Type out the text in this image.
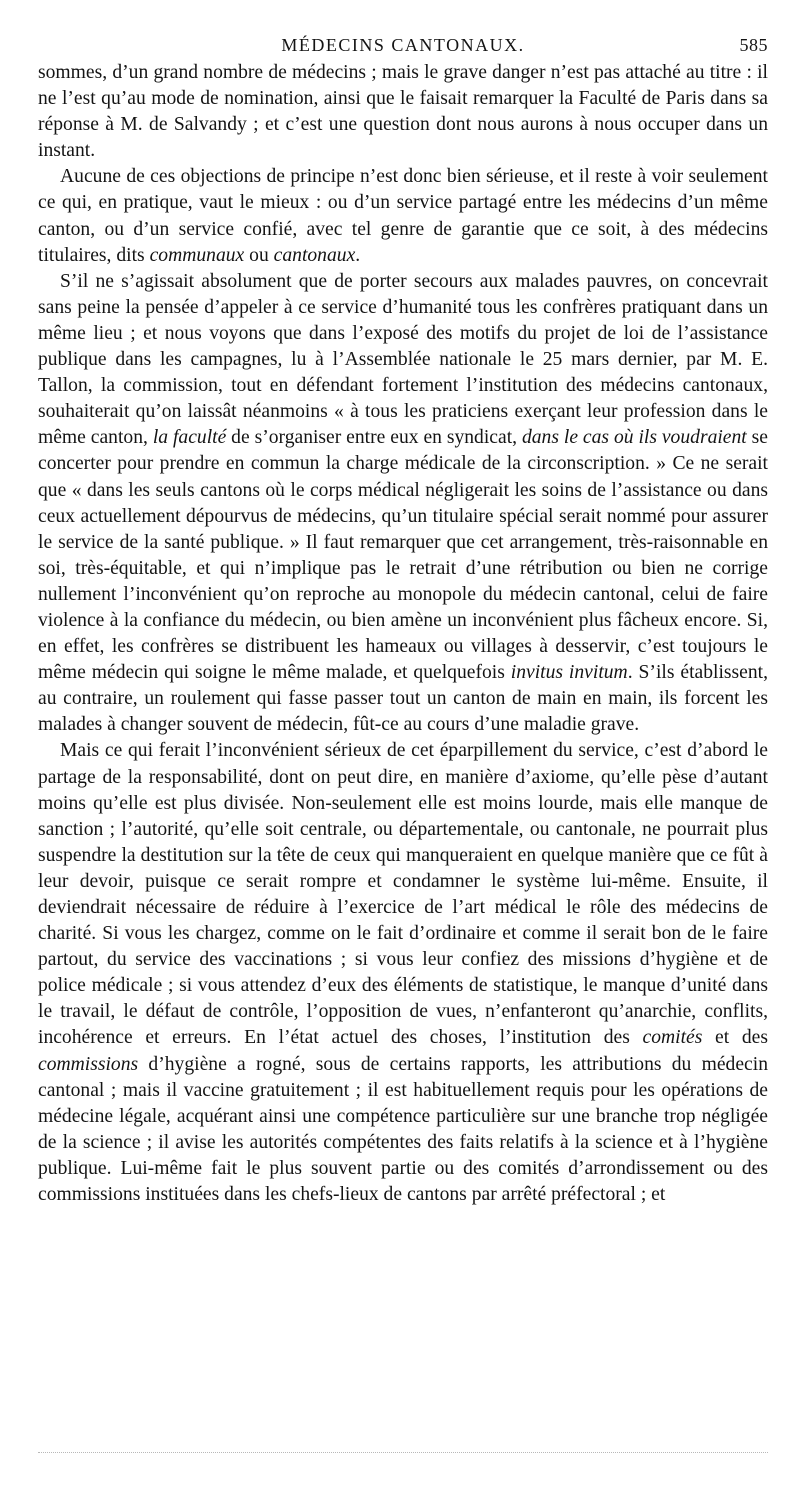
MÉDECINS CANTONAUX.	585

sommes, d’un grand nombre de médecins ; mais le grave danger n’est pas attaché au titre : il ne l’est qu’au mode de nomination, ainsi que le faisait remarquer la Faculté de Paris dans sa réponse à M. de Salvandy ; et c’est une question dont nous aurons à nous occuper dans un instant.

Aucune de ces objections de principe n’est donc bien sérieuse, et il reste à voir seulement ce qui, en pratique, vaut le mieux : ou d’un service partagé entre les médecins d’un même canton, ou d’un service confié, avec tel genre de garantie que ce soit, à des médecins titulaires, dits communaux ou cantonaux.

S’il ne s’agissait absolument que de porter secours aux malades pauvres, on concevrait sans peine la pensée d’appeler à ce service d’humanité tous les confrères pratiquant dans un même lieu ; et nous voyons que dans l’exposé des motifs du projet de loi de l’assistance publique dans les campagnes, lu à l’Assemblée nationale le 25 mars dernier, par M. E. Tallon, la commission, tout en défendant fortement l’institution des médecins cantonaux, souhaiterait qu’on laissât néanmoins « à tous les praticiens exerçant leur profession dans le même canton, la faculté de s’organiser entre eux en syndicat, dans le cas où ils voudraient se concerter pour prendre en commun la charge médicale de la circonscription. » Ce ne serait que « dans les seuls cantons où le corps médical négligerait les soins de l’assistance ou dans ceux actuellement dépourvus de médecins, qu’un titulaire spécial serait nommé pour assurer le service de la santé publique. » Il faut remarquer que cet arrangement, très-raisonnable en soi, très-équitable, et qui n’implique pas le retrait d’une rétribution ou bien ne corrige nullement l’inconvénient qu’on reproche au monopole du médecin cantonal, celui de faire violence à la confiance du médecin, ou bien amène un inconvénient plus fâcheux encore. Si, en effet, les confrères se distribuent les hameaux ou villages à desservir, c’est toujours le même médecin qui soigne le même malade, et quelquefois invitus invitum. S’ils établissent, au contraire, un roulement qui fasse passer tout un canton de main en main, ils forcent les malades à changer souvent de médecin, fût-ce au cours d’une maladie grave.

Mais ce qui ferait l’inconvénient sérieux de cet éparpillement du service, c’est d’abord le partage de la responsabilité, dont on peut dire, en manière d’axiome, qu’elle pèse d’autant moins qu’elle est plus divisée. Non-seulement elle est moins lourde, mais elle manque de sanction ; l’autorité, qu’elle soit centrale, ou départementale, ou cantonale, ne pourrait plus suspendre la destitution sur la tête de ceux qui manqueraient en quelque manière que ce fût à leur devoir, puisque ce serait rompre et condamner le système lui-même. Ensuite, il deviendrait nécessaire de réduire à l’exercice de l’art médical le rôle des médecins de charité. Si vous les chargez, comme on le fait d’ordinaire et comme il serait bon de le faire partout, du service des vaccinations ; si vous leur confiez des missions d’hygiène et de police médicale ; si vous attendez d’eux des éléments de statistique, le manque d’unité dans le travail, le défaut de contrôle, l’opposition de vues, n’enfanteront qu’anarchie, conflits, incohérence et erreurs. En l’état actuel des choses, l’institution des comités et des commissions d’hygiène a rogné, sous de certains rapports, les attributions du médecin cantonal ; mais il vaccine gratuitement ; il est habituellement requis pour les opérations de médecine légale, acquérant ainsi une compétence particulière sur une branche trop négligée de la science ; il avise les autorités compétentes des faits relatifs à la science et à l’hygiène publique. Lui-même fait le plus souvent partie ou des comités d’arrondissement ou des commissions instituées dans les chefs-lieux de cantons par arrêté préfectoral ; et
